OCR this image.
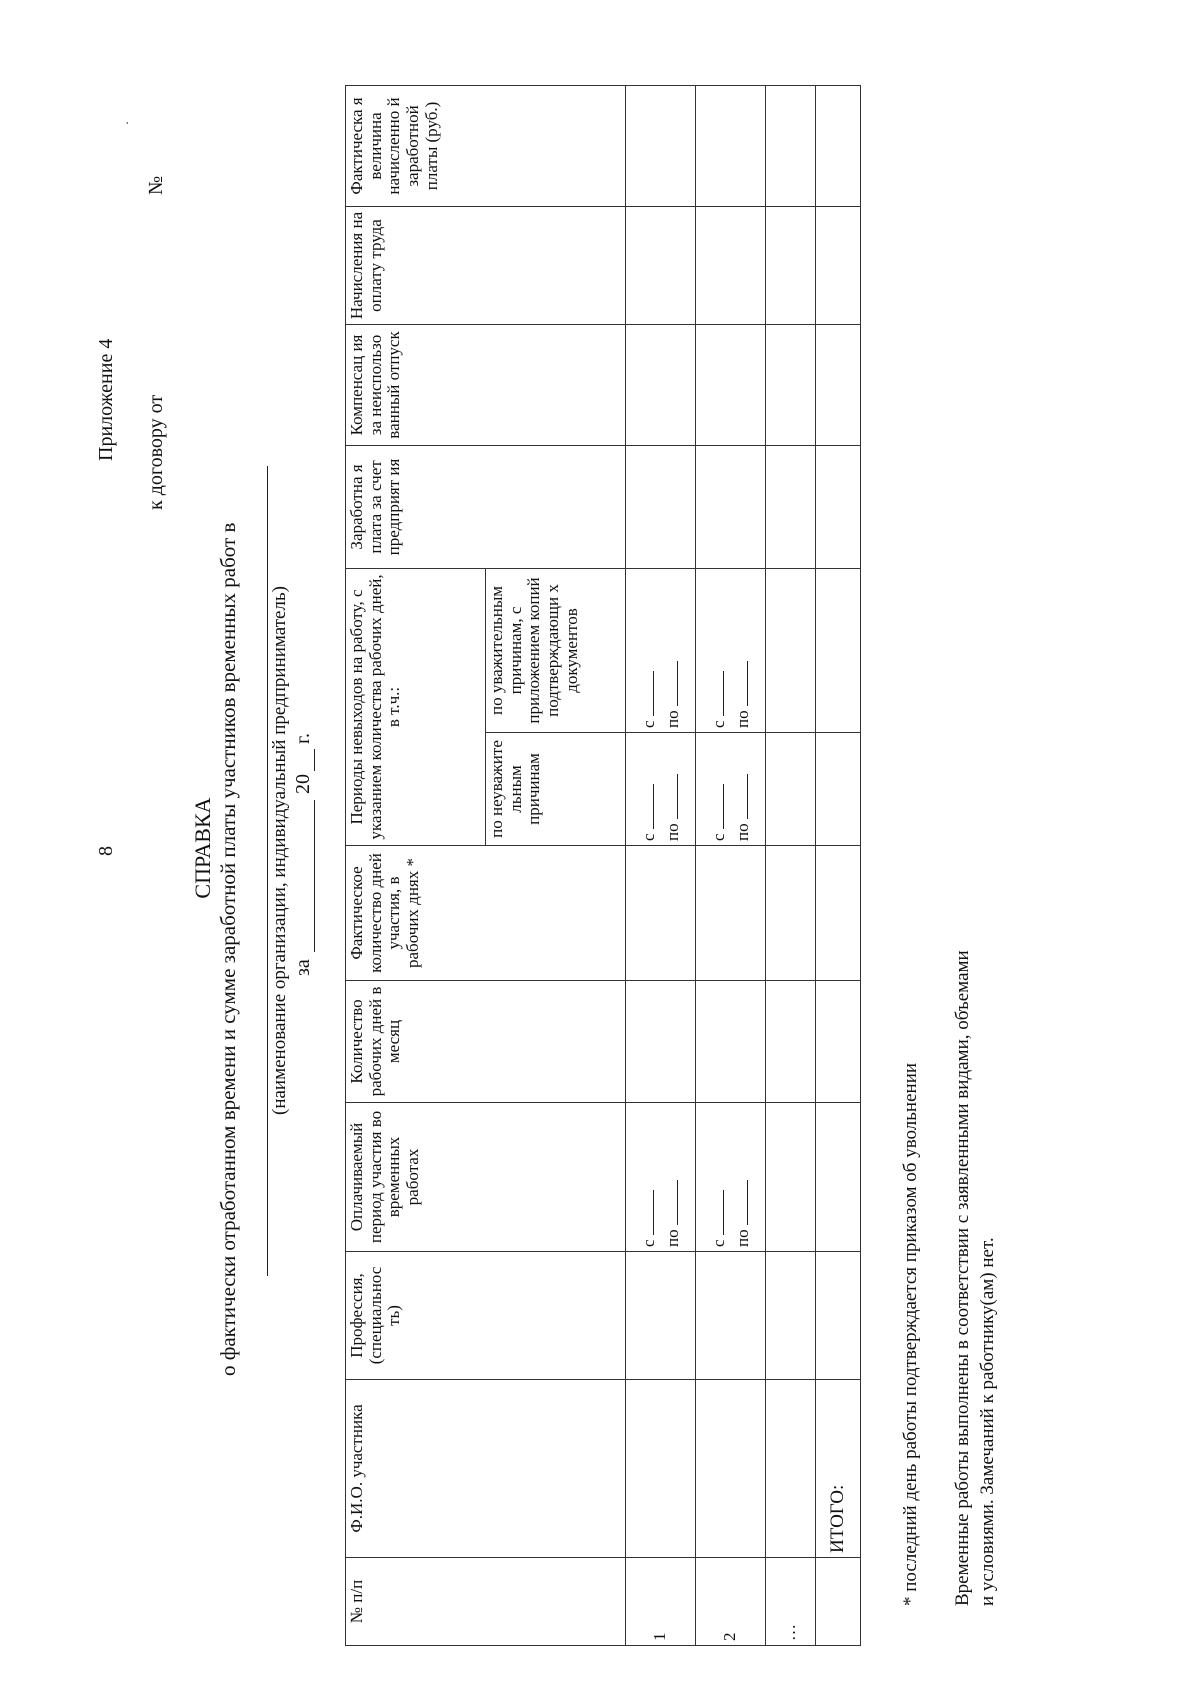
8
Приложение 4 к договору от
№
СПРАВКА о фактически отработанном времени и сумме заработной платы участников временных работ в (наименование организации, индивидуальный предприниматель) за
20
г.
№ п/п	Ф.И.О. участника	Профессия, (специальнос ть)	Оплачиваемый период участия во временных работах	Количество рабочих дней в месяц	Фактическое количество дней участия, в рабочих днях *	Периоды невыходов на работу, с указанием количества рабочих дней, в т.ч.:		Заработна я плата за счет предприят ия	Компенсац ия за неиспользо ванный отпуск	Начисления на оплату труда	Фактическа я величина начисленно й заработной платы (руб.)
						по неуважите льным причинам	по уважительным причинам, с приложением копий подтверждающи х документов				
1			с по			с по	с по				

2			с по			с по	с по				

…											
	ИТОГО:											* последний день работы подтверждается приказом об увольнении Временные работы выполнены в соответствии с заявленными видами, объемами и условиями. Замечаний к работнику(ам) нет.
·
